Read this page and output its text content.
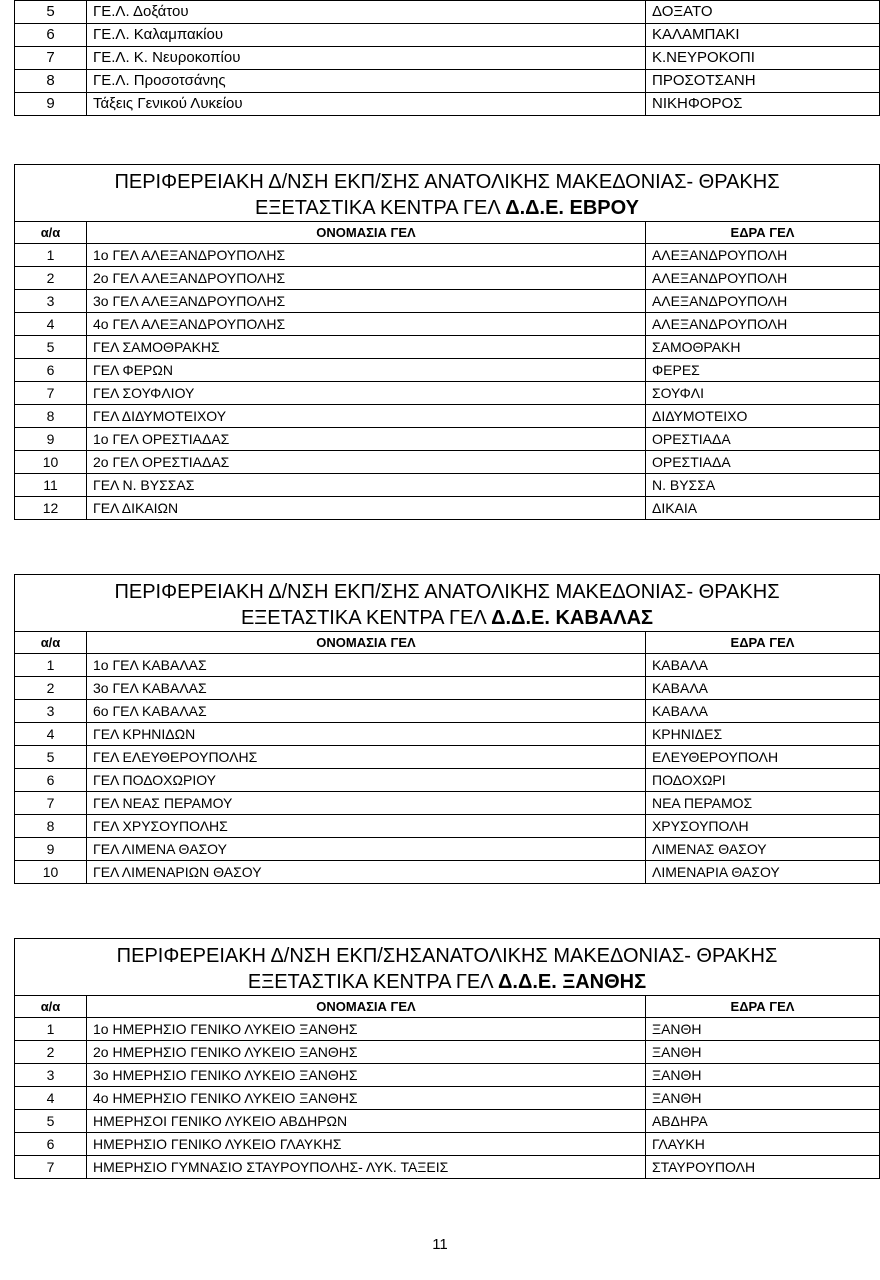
5	ΓΕ.Λ. Δοξάτου	ΔΟΞΑΤΟ
6	ΓΕ.Λ. Καλαμπακίου	ΚΑΛΑΜΠΑΚΙ
7	ΓΕ.Λ. Κ. Νευροκοπίου	Κ.ΝΕΥΡΟΚΟΠΙ
8	ΓΕ.Λ. Προσοτσάνης	ΠΡΟΣΟΤΣΑΝΗ
9	Τάξεις Γενικού Λυκείου	ΝΙΚΗΦΟΡΟΣ
ΠΕΡΙΦΕΡΕΙΑΚΗ Δ/ΝΣΗ ΕΚΠ/ΣΗΣ ΑΝΑΤΟΛΙΚΗΣ ΜΑΚΕΔΟΝΙΑΣ- ΘΡΑΚΗΣ
ΕΞΕΤΑΣΤΙΚΑ ΚΕΝΤΡΑ ΓΕΛ Δ.Δ.Ε. ΕΒΡΟΥ		
α/α	ΟΝΟΜΑΣΙΑ ΓΕΛ	ΕΔΡΑ ΓΕΛ
1	1ο ΓΕΛ ΑΛΕΞΑΝΔΡΟΥΠΟΛΗΣ	ΑΛΕΞΑΝΔΡΟΥΠΟΛΗ
2	2ο ΓΕΛ ΑΛΕΞΑΝΔΡΟΥΠΟΛΗΣ	ΑΛΕΞΑΝΔΡΟΥΠΟΛΗ
3	3ο ΓΕΛ ΑΛΕΞΑΝΔΡΟΥΠΟΛΗΣ	ΑΛΕΞΑΝΔΡΟΥΠΟΛΗ
4	4ο ΓΕΛ ΑΛΕΞΑΝΔΡΟΥΠΟΛΗΣ	ΑΛΕΞΑΝΔΡΟΥΠΟΛΗ
5	ΓΕΛ ΣΑΜΟΘΡΑΚΗΣ	ΣΑΜΟΘΡΑΚΗ
6	ΓΕΛ ΦΕΡΩΝ	ΦΕΡΕΣ
7	ΓΕΛ ΣΟΥΦΛΙΟΥ	ΣΟΥΦΛΙ
8	ΓΕΛ ΔΙΔΥΜΟΤΕΙΧΟΥ	ΔΙΔΥΜΟΤΕΙΧΟ
9	1ο ΓΕΛ ΟΡΕΣΤΙΑΔΑΣ	ΟΡΕΣΤΙΑΔΑ
10	2ο ΓΕΛ ΟΡΕΣΤΙΑΔΑΣ	ΟΡΕΣΤΙΑΔΑ
11	ΓΕΛ Ν. ΒΥΣΣΑΣ	Ν. ΒΥΣΣΑ
12	ΓΕΛ ΔΙΚΑΙΩΝ	ΔΙΚΑΙΑ
ΠΕΡΙΦΕΡΕΙΑΚΗ Δ/ΝΣΗ ΕΚΠ/ΣΗΣ ΑΝΑΤΟΛΙΚΗΣ ΜΑΚΕΔΟΝΙΑΣ- ΘΡΑΚΗΣ
ΕΞΕΤΑΣΤΙΚΑ ΚΕΝΤΡΑ ΓΕΛ Δ.Δ.Ε. ΚΑΒΑΛΑΣ		
α/α	ΟΝΟΜΑΣΙΑ ΓΕΛ	ΕΔΡΑ ΓΕΛ
1	1ο ΓΕΛ ΚΑΒΑΛΑΣ	ΚΑΒΑΛΑ
2	3ο ΓΕΛ ΚΑΒΑΛΑΣ	ΚΑΒΑΛΑ
3	6ο ΓΕΛ ΚΑΒΑΛΑΣ	ΚΑΒΑΛΑ
4	ΓΕΛ ΚΡΗΝΙΔΩΝ	ΚΡΗΝΙΔΕΣ
5	ΓΕΛ ΕΛΕΥΘΕΡΟΥΠΟΛΗΣ	ΕΛΕΥΘΕΡΟΥΠΟΛΗ
6	ΓΕΛ ΠΟΔΟΧΩΡΙΟΥ	ΠΟΔΟΧΩΡΙ
7	ΓΕΛ ΝΕΑΣ ΠΕΡΑΜΟΥ	ΝΕΑ ΠΕΡΑΜΟΣ
8	ΓΕΛ ΧΡΥΣΟΥΠΟΛΗΣ	ΧΡΥΣΟΥΠΟΛΗ
9	ΓΕΛ ΛΙΜΕΝΑ ΘΑΣΟΥ	ΛΙΜΕΝΑΣ ΘΑΣΟΥ
10	ΓΕΛ ΛΙΜΕΝΑΡΙΩΝ ΘΑΣΟΥ	ΛΙΜΕΝΑΡΙΑ ΘΑΣΟΥ
ΠΕΡΙΦΕΡΕΙΑΚΗ Δ/ΝΣΗ ΕΚΠ/ΣΗΣΑΝΑΤΟΛΙΚΗΣ ΜΑΚΕΔΟΝΙΑΣ- ΘΡΑΚΗΣ
ΕΞΕΤΑΣΤΙΚΑ ΚΕΝΤΡΑ ΓΕΛ Δ.Δ.Ε. ΞΑΝΘΗΣ		
α/α	ΟΝΟΜΑΣΙΑ ΓΕΛ	ΕΔΡΑ ΓΕΛ
1	1ο ΗΜΕΡΗΣΙΟ ΓΕΝΙΚΟ ΛΥΚΕΙΟ ΞΑΝΘΗΣ	ΞΑΝΘΗ
2	2ο ΗΜΕΡΗΣΙΟ ΓΕΝΙΚΟ ΛΥΚΕΙΟ ΞΑΝΘΗΣ	ΞΑΝΘΗ
3	3ο ΗΜΕΡΗΣΙΟ ΓΕΝΙΚΟ ΛΥΚΕΙΟ ΞΑΝΘΗΣ	ΞΑΝΘΗ
4	4ο ΗΜΕΡΗΣΙΟ ΓΕΝΙΚΟ ΛΥΚΕΙΟ ΞΑΝΘΗΣ	ΞΑΝΘΗ
5	ΗΜΕΡΗΣΟΙ ΓΕΝΙΚΟ ΛΥΚΕΙΟ ΑΒΔΗΡΩΝ	ΑΒΔΗΡΑ
6	ΗΜΕΡΗΣΙΟ ΓΕΝΙΚΟ ΛΥΚΕΙΟ ΓΛΑΥΚΗΣ	ΓΛΑΥΚΗ
7	ΗΜΕΡΗΣΙΟ ΓΥΜΝΑΣΙΟ ΣΤΑΥΡΟΥΠΟΛΗΣ- ΛΥΚ. ΤΑΞΕΙΣ	ΣΤΑΥΡΟΥΠΟΛΗ
11
